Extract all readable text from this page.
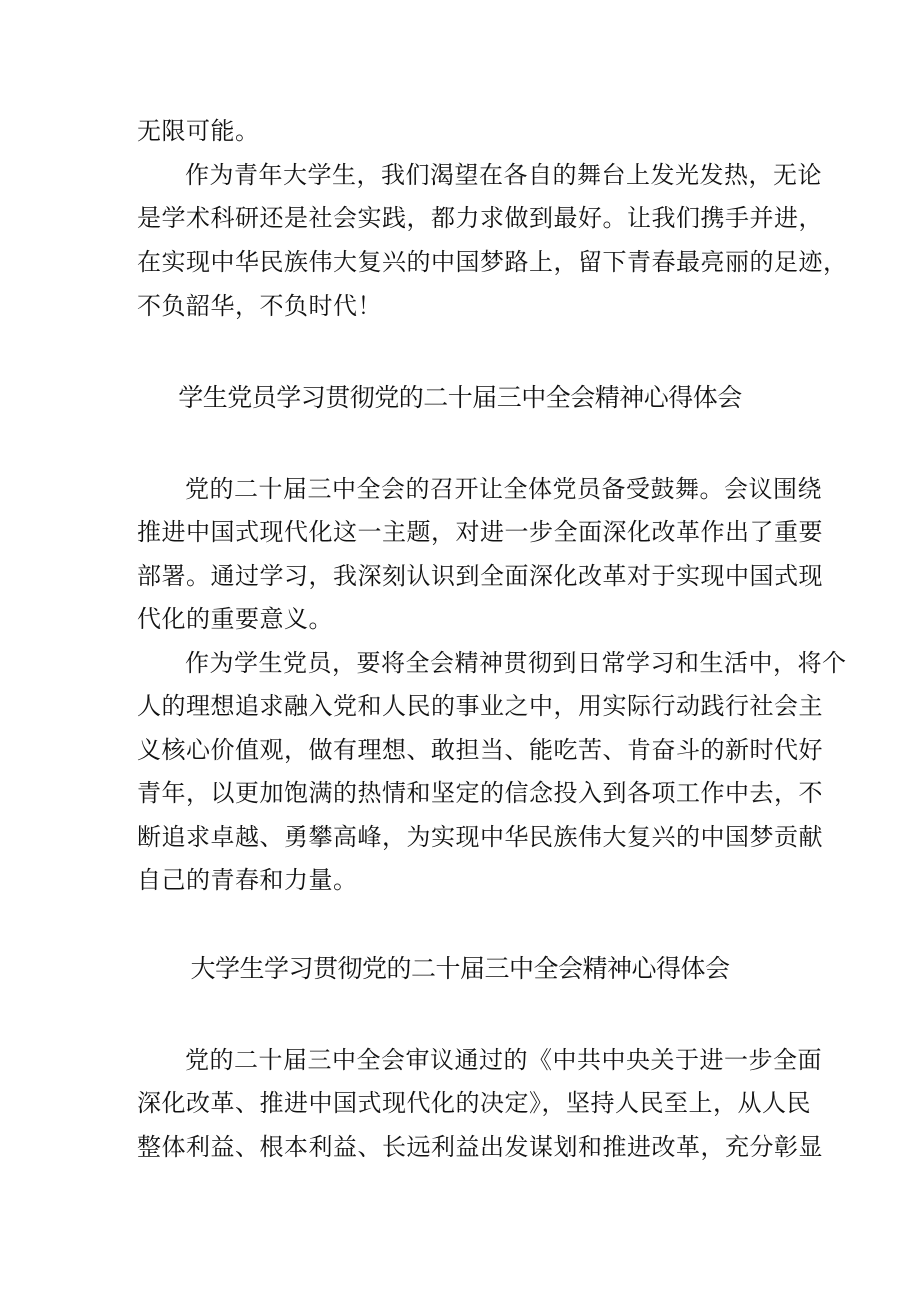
无限可能。
作为青年大学生，我们渴望在各自的舞台上发光发热，无论
是学术科研还是社会实践，都力求做到最好。让我们携手并进，
在实现中华民族伟大复兴的中国梦路上，留下青春最亮丽的足迹，
不负韶华，不负时代！
学生党员学习贯彻党的二十届三中全会精神心得体会
党的二十届三中全会的召开让全体党员备受鼓舞。会议围绕
推进中国式现代化这一主题，对进一步全面深化改革作出了重要
部署。通过学习，我深刻认识到全面深化改革对于实现中国式现
代化的重要意义。
作为学生党员，要将全会精神贯彻到日常学习和生活中，将个
人的理想追求融入党和人民的事业之中，用实际行动践行社会主
义核心价值观，做有理想、敢担当、能吃苦、肯奋斗的新时代好
青年，以更加饱满的热情和坚定的信念投入到各项工作中去，不
断追求卓越、勇攀高峰，为实现中华民族伟大复兴的中国梦贡献
自己的青春和力量。
大学生学习贯彻党的二十届三中全会精神心得体会
党的二十届三中全会审议通过的《中共中央关于进一步全面
深化改革、推进中国式现代化的决定》，坚持人民至上，从人民
整体利益、根本利益、长远利益出发谋划和推进改革，充分彰显
